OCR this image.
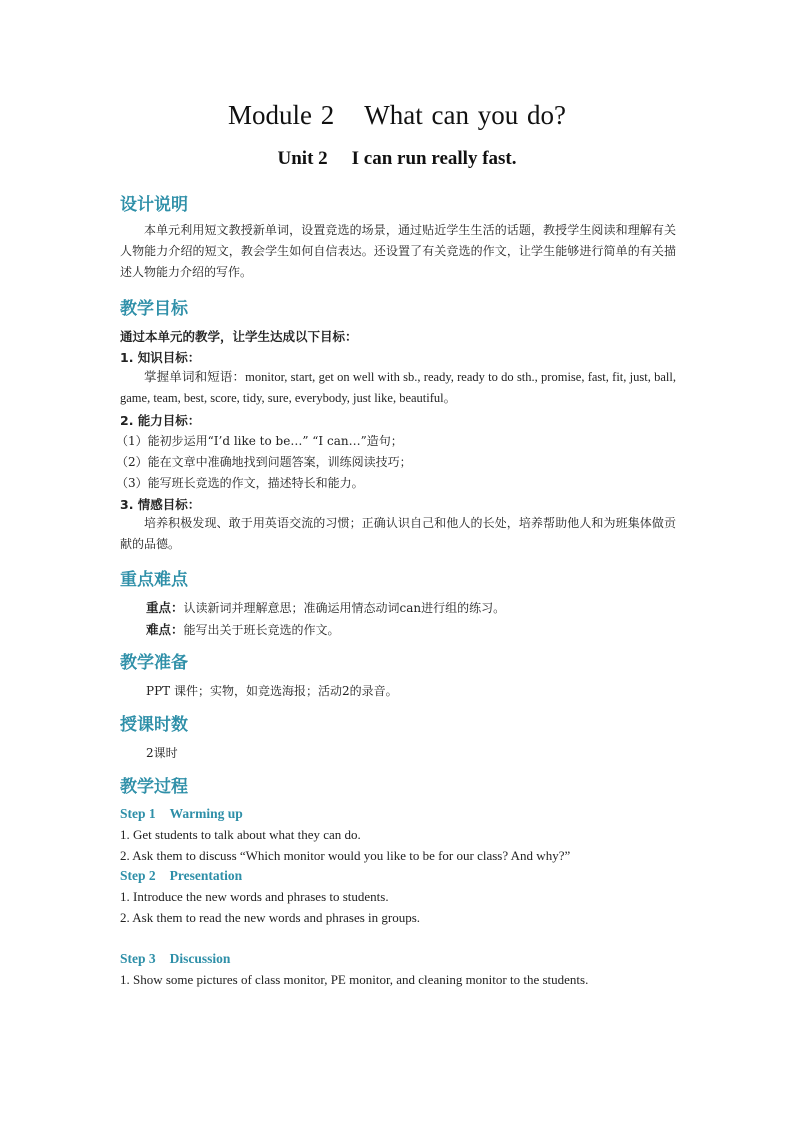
Module 2 What can you do?
Unit 2 I can run really fast.
设计说明
本单元利用短文教授新单词，设置竞选的场景，通过贴近学生生活的话题，教授学生阅读和理解有关人物能力介绍的短文，教会学生如何自信表达。还设置了有关竞选的作文，让学生能够进行简单的有关描述人物能力介绍的写作。
教学目标
通过本单元的教学，让学生达成以下目标：
1. 知识目标：
掌握单词和短语：monitor, start, get on well with sb., ready, ready to do sth., promise, fast, fit, just, ball, game, team, best, score, tidy, sure, everybody, just like, beautiful。
2. 能力目标：
（1）能初步运用“I’d like to be…” “I can…”造句；
（2）能在文章中准确地找到问题答案，训练阅读技巧；
（3）能写班长竞选的作文，描述特长和能力。
3. 情感目标：
培养积极发现、敢于用英语交流的习惯；正确认识自己和他人的长处，培养帮助他人和为班集体做贡献的品德。
重点难点
重点：认读新词并理解意思；准确运用情态动词can进行组的练习。
难点：能写出关于班长竞选的作文。
教学准备
PPT 课件；实物，如竞选海报；活动2的录音。
授课时数
2课时
教学过程
Step 1 Warming up
1. Get students to talk about what they can do.
2. Ask them to discuss “Which monitor would you like to be for our class? And why?”
Step 2 Presentation
1. Introduce the new words and phrases to students.
2. Ask them to read the new words and phrases in groups.
Step 3 Discussion
1. Show some pictures of class monitor, PE monitor, and cleaning monitor to the students.
